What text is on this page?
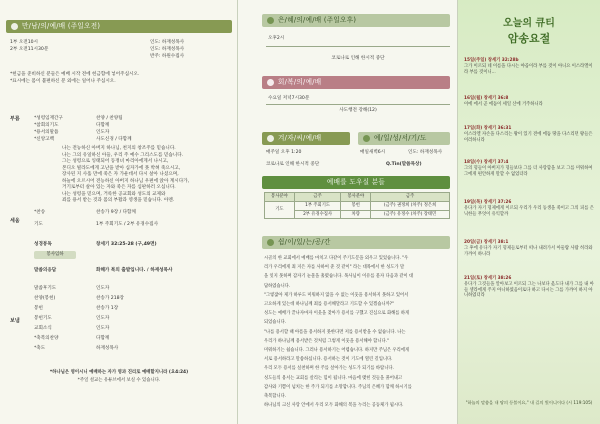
만/남/의/예/배 (주일오전)
1부 오전10시	인도: 하재성목사
2부 오전11시30분	인도: 하재성목사
반주: 하원수집사
*헌금을 준비하신 분들은 예배 시작 전에 헌금함에 넣어주십시오.
*표시에는 몸이 불편하신 분 외에는 일어나 주십시오.
부름	*성령임재간구	찬양 / 찬양팀
*참회의기도	다함께
*용서의말씀	인도자
*신앙고백	사도신경 / 다함께
나는 전능하신 아버지 하나님, 천지의 창조주를 믿습니다.
나는 그의 유일하신 아들, 우리 주 예수 그리스도를 믿습니다.
그는 성령으로 잉태되어 동정녀 마리아에게서 나시고,
본디오 빌라도에게 고난을 받아 십자가에 못 박혀 죽으시고,
장사된 지 사흘 만에 죽은 자 가운데서 다시 살아 나셨으며,
하늘에 오르시어 전능하신 아버지 하나님 우편에 앉아 계시다가,
거기로부터 살아 있는 자와 죽은 자를 심판하러 오십니다.
나는 성령을 믿으며, 거룩한 공교회와 성도의 교제와
죄를 용서 받는 것과 몸의 부활과 영생을 믿습니다. 아멘.
세움
*찬송	찬송가 9장 / 다함께
기도	1부 주회기도 / 2부 유경수집사
성경봉독	창세기 32:25-28 (구,49면)
봉사임하
말씀의응답	화해가 복의 출발입니다. / 하재성목사
보냄
말씀후기도	인도자
찬양(봉헌)	찬송가 218장
봉헌	찬송가 1장
봉헌기도	인도자
교회소식	인도자
*축복의찬양	다함께
*축도	하재성목사
*하나님은 영이시니 예배하는 자가 영과 진리로 예배할지니라 (요4:24)
*주일 설교는 유튜브에서 보실 수 있습니다.
은/혜/의/예/배 (주일오후)
오후2시
코로나로 인해 한시적 중단
회/복/의/예/배
수요일 저녁7시30분
사도행전 강해(12)
겨/자/씨/예/배	예/일/성/서/기/도
매주일 오후 1:20
코로나로 인해 한시적 중단
매일새벽6시	인도: 하재성목사
Q.Tin(말씀묵상)
예배를 도우실 분들
봉사분야	금주	봉사분야	금주
기도	1부 주회기도	봉헌	(금주) 권정희 (차주) 정은희
	2부 유경수집사	차량	(금주) 유정수 (차주) 장태민
쉼/이/있/는/공/간
시골의 한 교회에서 예배를 마치고 다같이 주기도문을 외우고 있었습니다. "우
리가 우리에게 죄 지은 자를 사하여 준 것 같이" 라는 대목에서 한 성도가 말
을 잇지 못하며 갑자기 눈물을 흘렸습니다. 목사님이 이유를 묻자 다음과 같이 대
답하였습니다.
"그렇잖아 제가 하루도 미워하지 않을 수 없는 이웃을 용서하지 못하고 있어서
고요하게 있는데 하나님께 죄를 용서해달라고 기도할 수 있겠습니까?"
성도는 예배가 끝나자마자 이웃을 찾아가 용서를 구했고 진심으로 화해를 하게
되었습니다.
"나를 용서할 때 아픔을 용서하지 못한다면 저를 용서받을 수 없습니다. 나는
우리가 하나님께 용서받은 것처럼 그렇게 이웃을 용서해야 합니다."
미워하기는 쉽습니다. 그러나 용서하기는 어렵습니다. 하지만 주님은 우리에게
서로 용서하라고 말씀하십니다. 용서하는 것이 기도에 열린 길입니다.
우리 모두 용서를 실천하며 한 주를 살아가는 성도가 되기를 바랍니다.
성도들의 용서는 교회를 살리는 힘이 됩니다. 마음에 맺힌 것들을 풀어내고
감사와 기쁨이 넘치는 한 주가 되기를 소망합니다. 주님의 은혜가 함께 하시기를
축복합니다.
하나님의 크신 사랑 안에서 우리 모두 화해의 복을 누리는 공동체가 됩시다.
오늘의 큐티
암송요절
15일(주일) 창세기 32:28b
그가 이르되 네 이름을 다시는 야곱이라 부를 것이 아니요 이스라엘이라 부를 것이니...
16일(월) 창세기 36:8
이에 에서 곧 에돔이 세일 산에 거주하니라
17일(화) 창세기 36:31
이스라엘 자손을 다스리는 왕이 있기 전에 에돔 땅을 다스리던 왕들은 이러하니라
18일(수) 창세기 37:4
그의 형들이 아버지가 형들보다 그를 더 사랑함을 보고 그를 미워하여 그에게 편안하게 말할 수 없었더라
19일(목) 창세기 37:26
유다가 자기 형제에게 이르되 우리가 우리 동생을 죽이고 그의 피를 은닉한들 무엇이 유익할까
20일(금) 창세기 38:1
그 후에 유다가 자기 형제들로부터 떠나 내려가서 아둘람 사람 히라와 가까이 하니라
21일(토) 창세기 38:26
유다가 그것들을 알아보고 이르되 그는 나보다 옳도다 내가 그를 내 아들 셀라에게 주지 아니하였음이로다 하고 다시는 그를 가까이 하지 아니하였더라
"하늘의 말씀을 내 땅의 등불이요," 내 길의 빛이니이다 (시 119:105)
